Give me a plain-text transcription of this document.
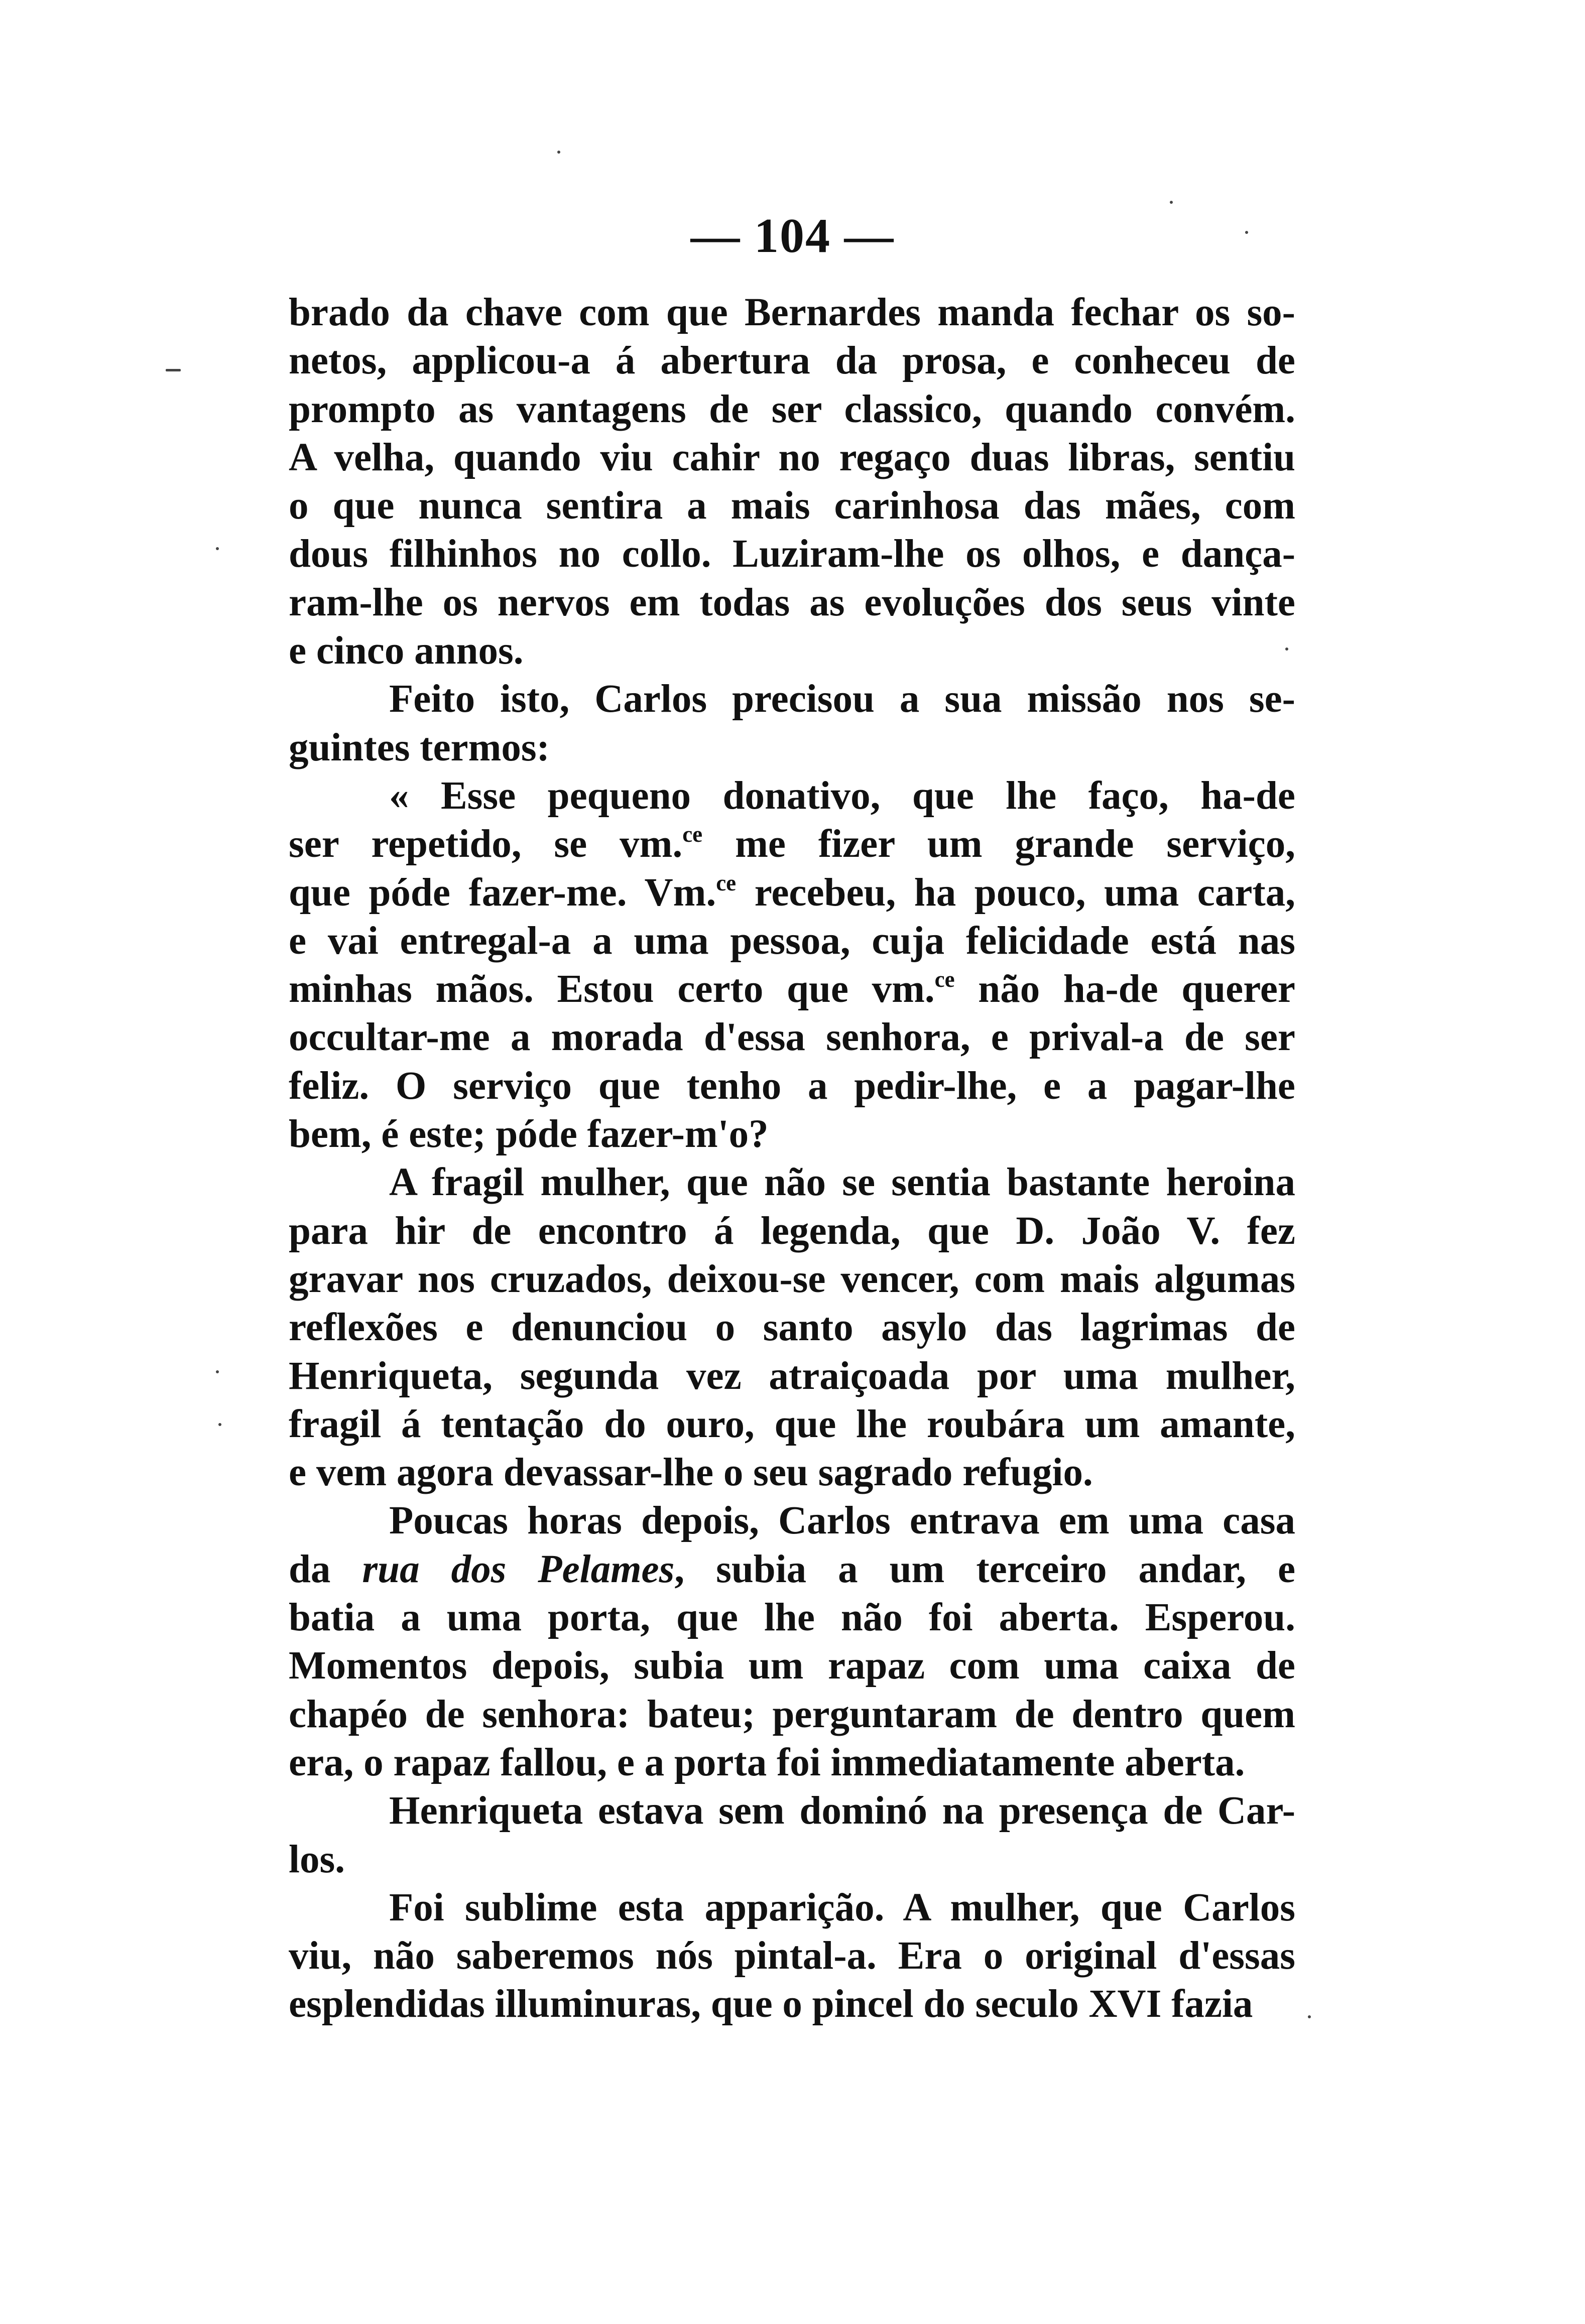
— 104 —
brado da chave com que Bernardes manda fechar os so-
netos, applicou-a á abertura da prosa, e conheceu de
prompto as vantagens de ser classico, quando convém.
A velha, quando viu cahir no regaço duas libras, sentiu
o que nunca sentira a mais carinhosa das mães, com
dous filhinhos no collo. Luziram-lhe os olhos, e dança-
ram-lhe os nervos em todas as evoluções dos seus vinte
e cinco annos.
Feito isto, Carlos precisou a sua missão nos se-
guintes termos:
« Esse pequeno donativo, que lhe faço, ha-de
ser repetido, se vm.$^{ce}$ me fizer um grande serviço,
que póde fazer-me. Vm.$^{ce}$ recebeu, ha pouco, uma carta,
e vai entregal-a a uma pessoa, cuja felicidade está nas
minhas mãos. Estou certo que vm.$^{ce}$ não ha-de querer
occultar-me a morada d'essa senhora, e prival-a de ser
feliz. O serviço que tenho a pedir-lhe, e a pagar-lhe
bem, é este; póde fazer-m'o?
A fragil mulher, que não se sentia bastante heroina
para hir de encontro á legenda, que D. João V. fez
gravar nos cruzados, deixou-se vencer, com mais algumas
reflexões e denunciou o santo asylo das lagrimas de
Henriqueta, segunda vez atraiçoada por uma mulher,
fragil á tentação do ouro, que lhe roubára um amante,
e vem agora devassar-lhe o seu sagrado refugio.
Poucas horas depois, Carlos entrava em uma casa
da rua dos Pelames, subia a um terceiro andar, e
batia a uma porta, que lhe não foi aberta. Esperou.
Momentos depois, subia um rapaz com uma caixa de
chapéo de senhora: bateu; perguntaram de dentro quem
era, o rapaz fallou, e a porta foi immediatamente aberta.
Henriqueta estava sem dominó na presença de Car-
los.
Foi sublime esta apparição. A mulher, que Carlos
viu, não saberemos nós pintal-a. Era o original d'essas
esplendidas illuminuras, que o pincel do seculo XVI fazia
